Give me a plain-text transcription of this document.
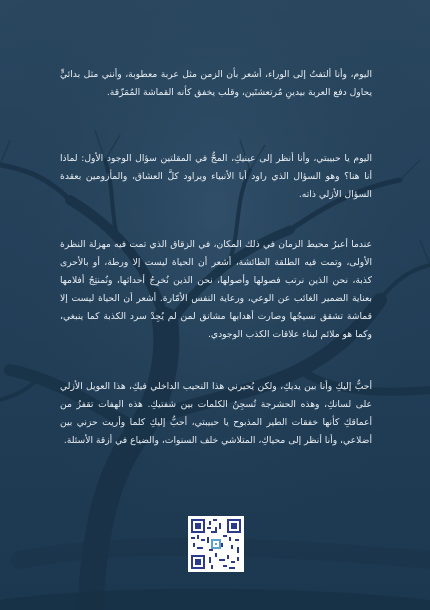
اليوم، وأنا ألتفتُ إلى الوراء، أشعر بأن الزمن مثل عربة معطوبة، وأنني مثل بدائيٍّ يحاول دفع العربة بيدينِ مُرتعشتَين، وقلب يخفق كأنه القماشة المُمَزّقة.
اليوم يا حبيبتي، وأنا أنظر إلى عينيكِ، المجُّ في المقلتين سؤال الوجود الأول: لماذا أنا هنا؟ وهو السؤال الذي راود أبا الأنبياء ويراود كلَّ العشاق، والمأزومين بعقدة السؤال الأزلي ذاته.
عندما أعبرُ محيط الزمان في ذلك المكان، في الزقاق الذي تمت فيه مهزلة النظرة الأولى، وتمت فيه الطلقة الطائشة، أشعر أن الحياة ليست إلا ورطة، أو بالأحرى كذبة، نحن الذين نرتب فصولها وأصولها، نحن الذين نُخرِجُ أحداثها، ونُمنتِجُ أفلامها بعناية الضمير الغائب عن الوعي، ورعاية النفس الأمّارة. أشعر أن الحياة ليست إلا قماشة تشقق نسيجُها وصارت أهدابها مشانق لمن لم يُجِدْ سرد الكذبة كما ينبغي، وكما هو ملائم لبناء علاقات الكذب الوجودي.
أحبُّ إليكِ وأنا بين يديكِ، ولكن يُحيرني هذا النحيب الداخلي فيكِ، هذا العويل الأزلي على لسانكِ، وهذه الحشرجة تُسجِنُ الكلمات بين شفتيكِ. هذه الهفات تقفزُ من أعماقكِ كأنها خفقات الطير المذبوح يا حبيبتي، أحبُّ إليكِ كلما وأريت حزني بين أضلاعي، وأنا أنظر إلى محياكِ، المتلاشي خلف السنوات، والضياع في أزقة الأسئلة.
